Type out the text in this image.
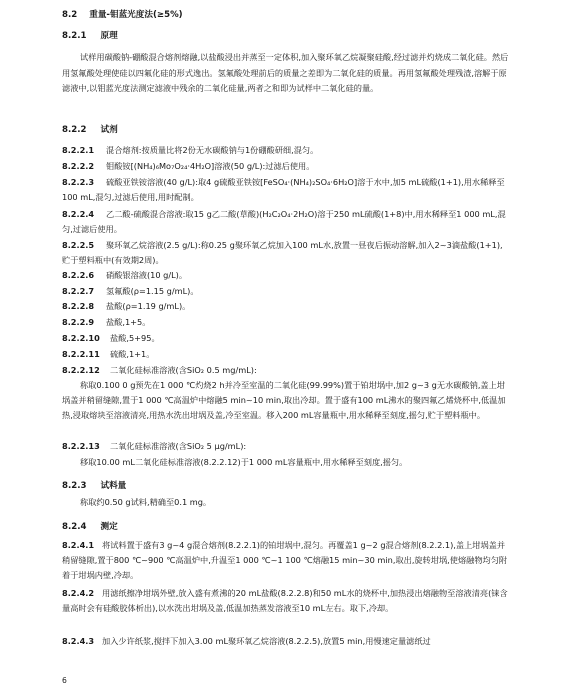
8.2 重量-钼蓝光度法(≥5%)
8.2.1 原理
试样用碳酸钠-硼酸混合熔剂熔融,以盐酸浸出并蒸至一定体积,加入聚环氧乙烷凝聚硅酸,经过滤并灼烧成二氧化硅。然后用氢氟酸处理使硅以四氟化硅的形式逸出。氢氟酸处理前后的质量之差即为二氧化硅的质量。再用氢氟酸处理残渣,溶解于原滤液中,以钼蓝光度法测定滤液中残余的二氧化硅量,两者之和即为试样中二氧化硅的量。
8.2.2 试剂
8.2.2.1 混合熔剂:按质量比将2份无水碳酸钠与1份硼酸研细,混匀。
8.2.2.2 钼酸铵[(NH₄)₆Mo₇O₂₄·4H₂O]溶液(50 g/L):过滤后使用。
8.2.2.3 硫酸亚铁铵溶液(40 g/L):取4 g硫酸亚铁铵[FeSO₄·(NH₄)₂SO₄·6H₂O]溶于水中,加5 mL硫酸(1+1),用水稀释至100 mL,混匀,过滤后使用,用时配制。
8.2.2.4 乙二酸-硫酸混合溶液:取15 g乙二酸(草酸)(H₂C₂O₄·2H₂O)溶于250 mL硫酸(1+8)中,用水稀释至1 000 mL,混匀,过滤后使用。
8.2.2.5 聚环氧乙烷溶液(2.5 g/L):称0.25 g聚环氧乙烷加入100 mL水,放置一昼夜后振动溶解,加入2~3滴盐酸(1+1),贮于塑料瓶中(有效期2周)。
8.2.2.6 硝酸银溶液(10 g/L)。
8.2.2.7 氢氟酸(ρ=1.15 g/mL)。
8.2.2.8 盐酸(ρ=1.19 g/mL)。
8.2.2.9 盐酸,1+5。
8.2.2.10 盐酸,5+95。
8.2.2.11 硫酸,1+1。
8.2.2.12 二氧化硅标准溶液(含SiO₂ 0.5 mg/mL):
称取0.100 0 g预先在1 000 ℃灼烧2 h并冷至室温的二氧化硅(99.99%)置于铂坩埚中,加2 g~3 g无水碳酸钠,盖上坩埚盖并稍留缝隙,置于1 000 ℃高温炉中熔融5 min~10 min,取出冷却。置于盛有100 mL沸水的聚四氟乙烯烧杯中,低温加热,浸取熔块至溶液清亮,用热水洗出坩埚及盖,冷至室温。移入200 mL容量瓶中,用水稀释至刻度,摇匀,贮于塑料瓶中。
8.2.2.13 二氧化硅标准溶液(含SiO₂ 5 μg/mL):
移取10.00 mL二氧化硅标准溶液(8.2.2.12)于1 000 mL容量瓶中,用水稀释至刻度,摇匀。
8.2.3 试料量
称取约0.50 g试料,精确至0.1 mg。
8.2.4 测定
8.2.4.1 将试料置于盛有3 g~4 g混合熔剂(8.2.2.1)的铂坩埚中,混匀。再覆盖1 g~2 g混合熔剂(8.2.2.1),盖上坩埚盖并稍留缝隙,置于800 ℃~900 ℃高温炉中,升温至1 000 ℃~1 100 ℃熔融15 min~30 min,取出,旋转坩埚,使熔融物均匀附着于坩埚内壁,冷却。
8.2.4.2 用滤纸擦净坩埚外壁,放入盛有煮沸的20 mL盐酸(8.2.2.8)和50 mL水的烧杯中,加热浸出熔融物至溶液清亮(铼含量高时会有硅酸胶体析出),以水洗出坩埚及盖,低温加热蒸发溶液至10 mL左右。取下,冷却。
8.2.4.3 加入少许纸浆,搅拌下加入3.00 mL聚环氧乙烷溶液(8.2.2.5),放置5 min,用慢速定量滤纸过
6
